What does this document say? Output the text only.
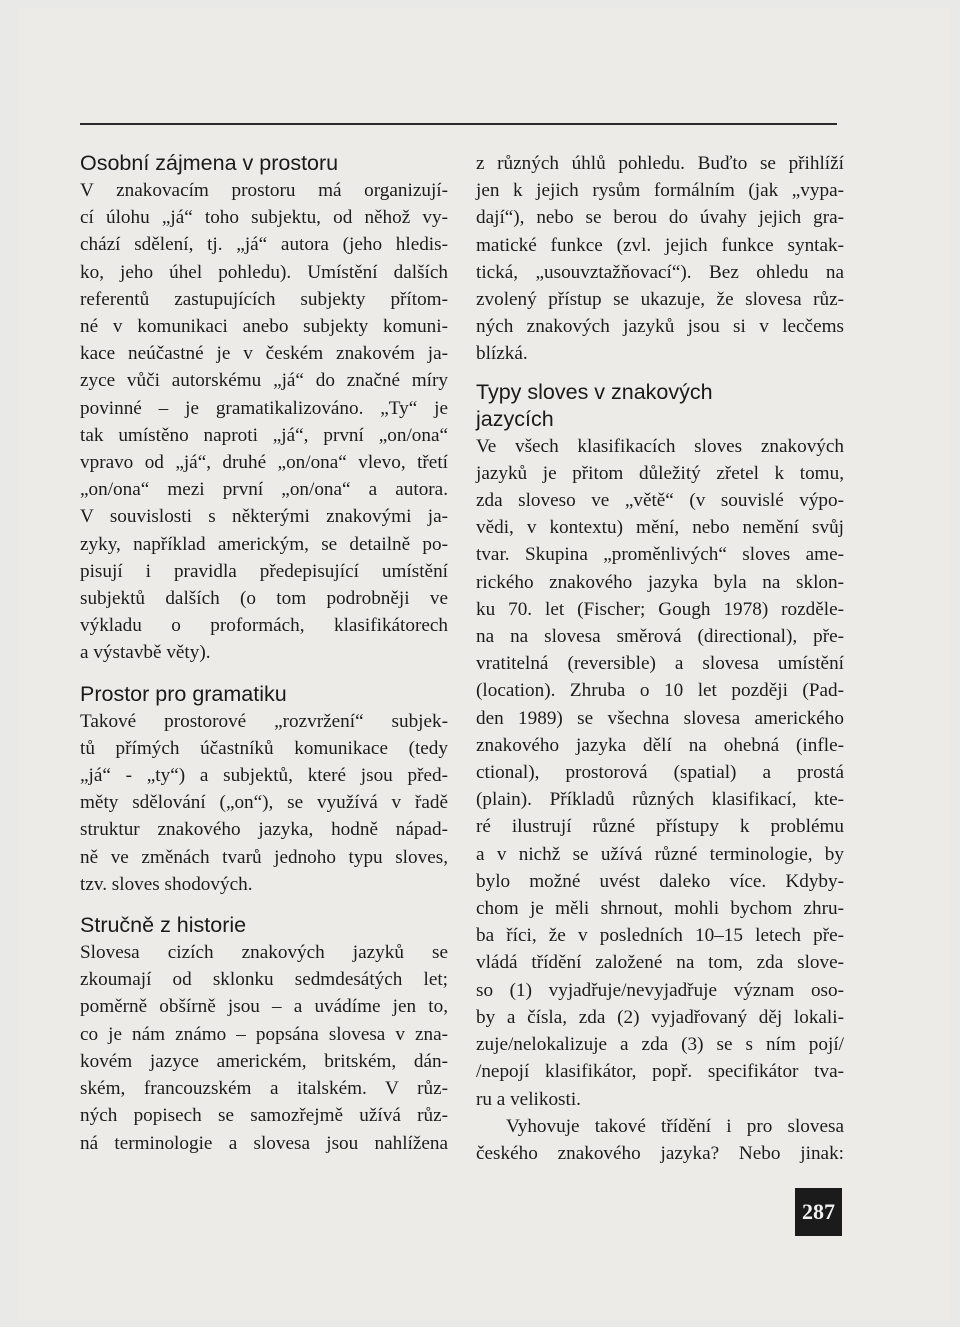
Osobní zájmena v prostoru

V znakovacím prostoru má organizují-
cí úlohu „já“ toho subjektu, od něhož vy-
chází sdělení, tj. „já“ autora (jeho hledis-
ko, jeho úhel pohledu). Umístění dalších
referentů zastupujících subjekty přítom-
né v komunikaci anebo subjekty komuni-
kace neúčastné je v českém znakovém ja-
zyce vůči autorskému „já“ do značné míry
povinné – je gramatikalizováno. „Ty“ je
tak umístěno naproti „já“, první „on/ona“
vpravo od „já“, druhé „on/ona“ vlevo, třetí
„on/ona“ mezi první „on/ona“ a autora.
V souvislosti s některými znakovými ja-
zyky, například americkým, se detailně po-
pisují i pravidla předepisující umístění
subjektů dalších (o tom podrobněji ve
výkladu o proformách, klasifikátorech
a výstavbě věty).

Prostor pro gramatiku

Takové prostorové „rozvržení“ subjek-
tů přímých účastníků komunikace (tedy
„já“ - „ty“) a subjektů, které jsou před-
měty sdělování („on“), se využívá v řadě
struktur znakového jazyka, hodně nápad-
ně ve změnách tvarů jednoho typu sloves,
tzv. sloves shodových.

Stručně z historie

Slovesa cizích znakových jazyků se
zkoumají od sklonku sedmdesátých let;
poměrně obšírně jsou – a uvádíme jen to,
co je nám známo – popsána slovesa v zna-
kovém jazyce americkém, britském, dán-
ském, francouzském a italském. V růz-
ných popisech se samozřejmě užívá růz-
ná terminologie a slovesa jsou nahlížena

z různých úhlů pohledu. Buďto se přihlíží
jen k jejich rysům formálním (jak „vypa-
dají“), nebo se berou do úvahy jejich gra-
matické funkce (zvl. jejich funkce syntak-
tická, „usouvztažňovací“). Bez ohledu na
zvolený přístup se ukazuje, že slovesa růz-
ných znakových jazyků jsou si v lecčems
blízká.

Typy sloves v znakových
jazycích

Ve všech klasifikacích sloves znakových
jazyků je přitom důležitý zřetel k tomu,
zda sloveso ve „větě“ (v souvislé výpo-
vědi, v kontextu) mění, nebo nemění svůj
tvar. Skupina „proměnlivých“ sloves ame-
rického znakového jazyka byla na sklon-
ku 70. let (Fischer; Gough 1978) rozděle-
na na slovesa směrová (directional), pře-
vratitelná (reversible) a slovesa umístění
(location). Zhruba o 10 let později (Pad-
den 1989) se všechna slovesa amerického
znakového jazyka dělí na ohebná (infle-
ctional), prostorová (spatial) a prostá
(plain). Příkladů různých klasifikací, kte-
ré ilustrují různé přístupy k problému
a v nichž se užívá různé terminologie, by
bylo možné uvést daleko více. Kdyby-
chom je měli shrnout, mohli bychom zhru-
ba říci, že v posledních 10–15 letech pře-
vládá třídění založené na tom, zda slove-
so (1) vyjadřuje/nevyjadřuje význam oso-
by a čísla, zda (2) vyjadřovaný děj lokali-
zuje/nelokalizuje a zda (3) se s ním pojí/
/nepojí klasifikátor, popř. specifikátor tva-
ru a velikosti.
Vyhovuje takové třídění i pro slovesa
českého znakového jazyka? Nebo jinak:

287
